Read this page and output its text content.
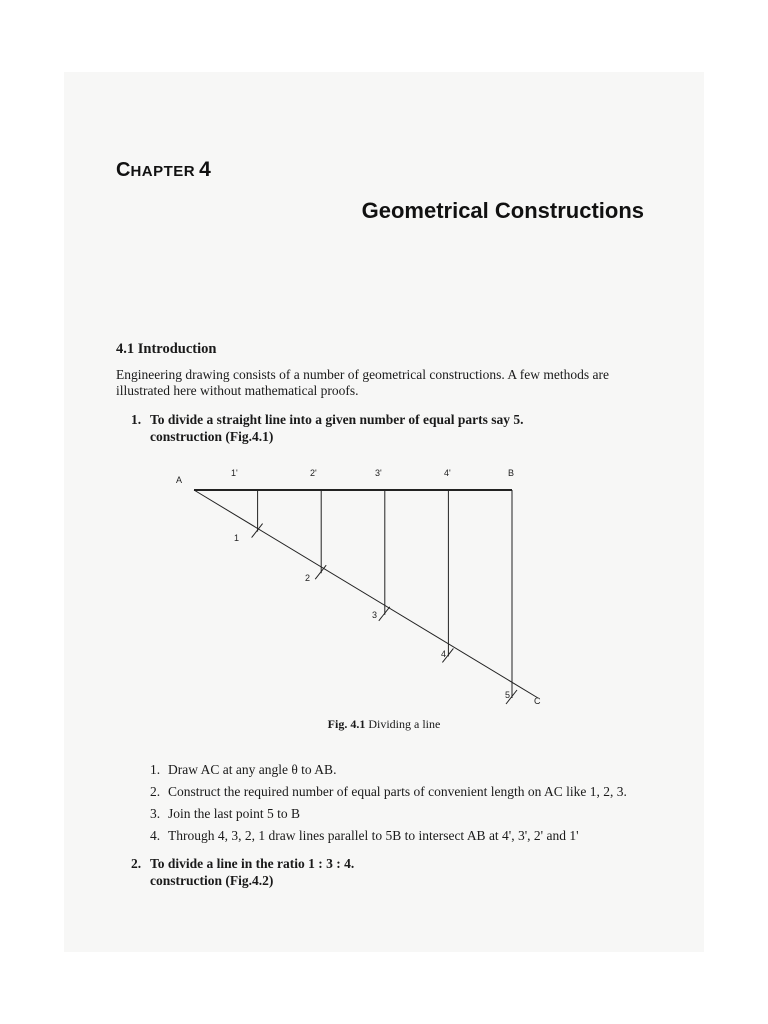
CHAPTER 4
Geometrical Constructions
4.1 Introduction
Engineering drawing consists of a number of geometrical constructions. A few methods are illustrated here without mathematical proofs.
1. To divide a straight line into a given number of equal parts say 5.
construction (Fig.4.1)
A
B
C
1'	2'	3'	4'
1
2
3
4
5
Fig. 4.1 Dividing a line
1. Draw AC at any angle θ to AB.
2. Construct the required number of equal parts of convenient length on AC like 1, 2, 3.
3. Join the last point 5 to B
4. Through 4, 3, 2, 1 draw lines parallel to 5B to intersect AB at 4', 3', 2' and 1'
2. To divide a line in the ratio 1 : 3 : 4.
construction (Fig.4.2)
